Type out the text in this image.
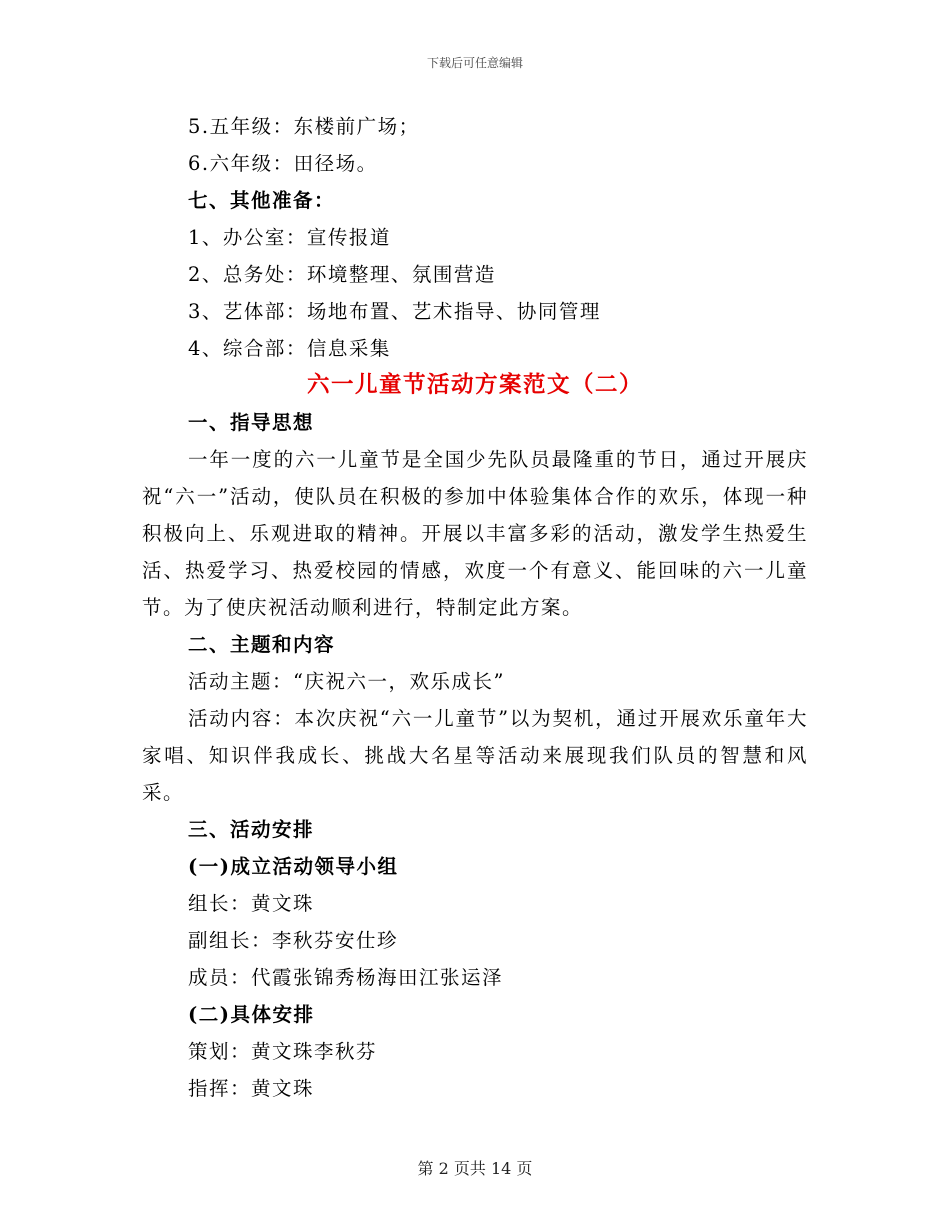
下载后可任意编辑
5.五年级：东楼前广场；
6.六年级：田径场。
七、其他准备：
1、办公室：宣传报道
2、总务处：环境整理、氛围营造
3、艺体部：场地布置、艺术指导、协同管理
4、综合部：信息采集
六一儿童节活动方案范文（二）
一、指导思想
一年一度的六一儿童节是全国少先队员最隆重的节日，通过开展庆祝“六一”活动，使队员在积极的参加中体验集体合作的欢乐，体现一种积极向上、乐观进取的精神。开展以丰富多彩的活动，激发学生热爱生活、热爱学习、热爱校园的情感，欢度一个有意义、能回味的六一儿童节。为了使庆祝活动顺利进行，特制定此方案。
二、主题和内容
活动主题：“庆祝六一，欢乐成长”
活动内容：本次庆祝“六一儿童节”以为契机，通过开展欢乐童年大家唱、知识伴我成长、挑战大名星等活动来展现我们队员的智慧和风采。
三、活动安排
(一)成立活动领导小组
组长：黄文珠
副组长：李秋芬安仕珍
成员：代霞张锦秀杨海田江张运泽
(二)具体安排
策划：黄文珠李秋芬
指挥：黄文珠
第 2 页共 14 页
